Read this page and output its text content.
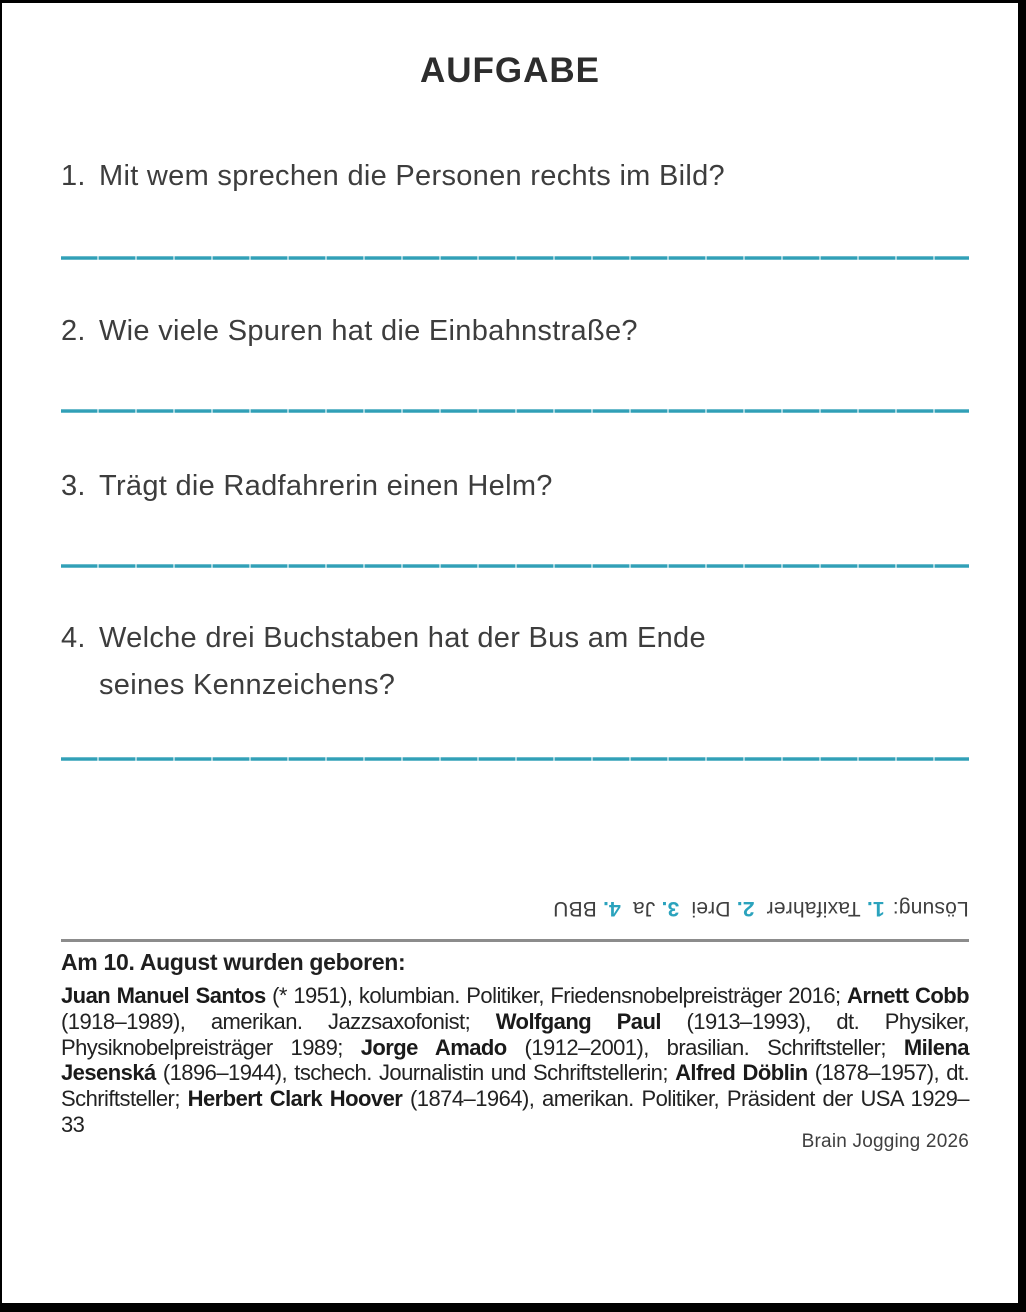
AUFGABE
1. Mit wem sprechen die Personen rechts im Bild?
2. Wie viele Spuren hat die Einbahnstraße?
3. Trägt die Radfahrerin einen Helm?
4. Welche drei Buchstaben hat der Bus am Ende
seines Kennzeichens?
Lösung:1.Taxifahrer2.Drei3.Ja4.BBU
Am 10. August wurden geboren:
Juan Manuel Santos (* 1951), kolumbian. Politiker, Friedensnobelpreisträger 2016; Arnett Cobb (1918–1989), amerikan. Jazzsaxofonist; Wolfgang Paul (1913–1993), dt. Physiker, Physiknobelpreisträger 1989; Jorge Amado (1912–2001), brasilian. Schriftsteller; Milena Jesenská (1896–1944), tschech. Journalistin und Schriftstellerin; Alfred Döblin (1878–1957), dt. Schriftsteller; Herbert Clark Hoover (1874–1964), amerikan. Politiker, Präsident der USA 1929–33
Brain Jogging 2026
